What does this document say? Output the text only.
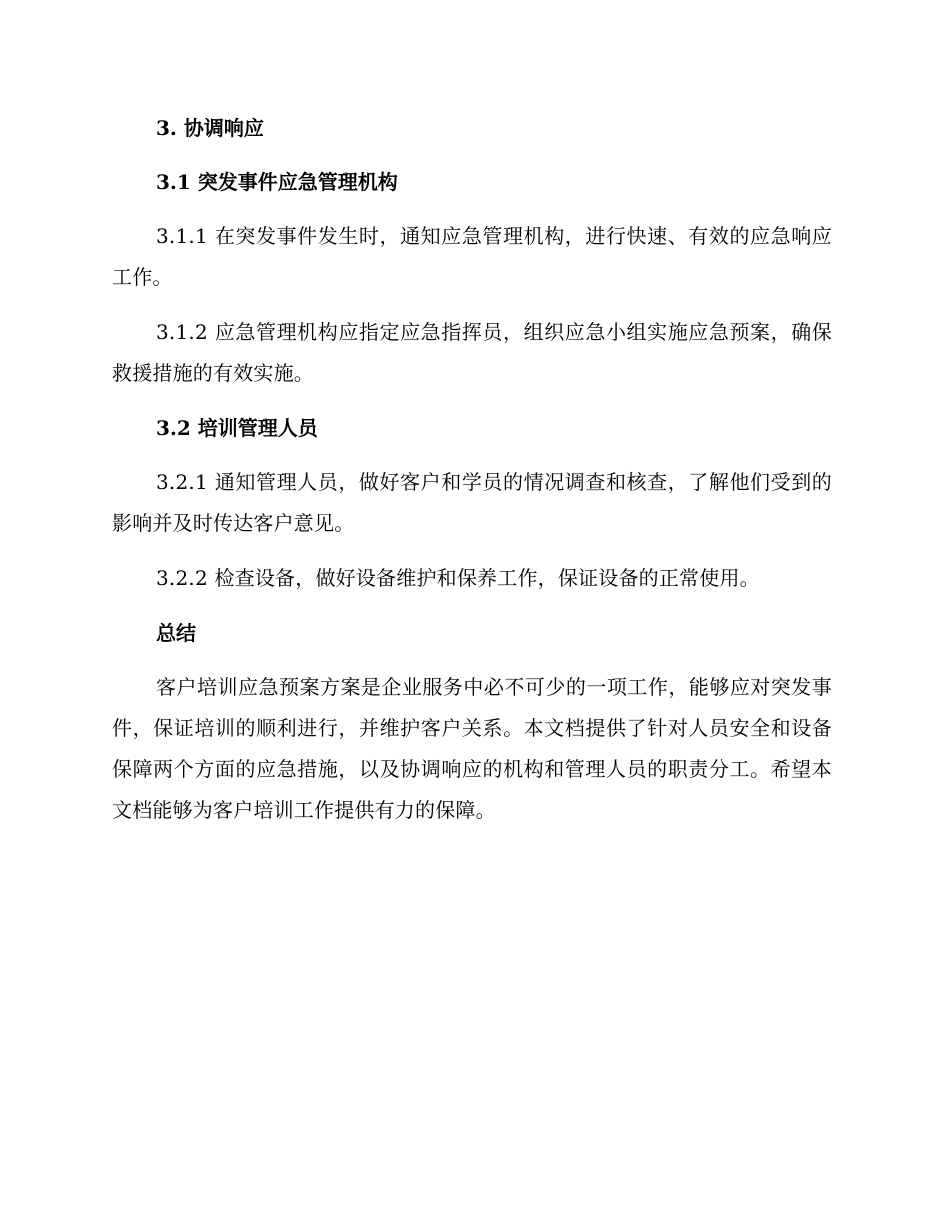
3. 协调响应
3.1 突发事件应急管理机构

3.1.1 在突发事件发生时，通知应急管理机构，进行快速、有效的应急响应工作。

3.1.2 应急管理机构应指定应急指挥员，组织应急小组实施应急预案，确保救援措施的有效实施。

3.2 培训管理人员

3.2.1 通知管理人员，做好客户和学员的情况调查和核查，了解他们受到的影响并及时传达客户意见。

3.2.2 检查设备，做好设备维护和保养工作，保证设备的正常使用。

总结

客户培训应急预案方案是企业服务中必不可少的一项工作，能够应对突发事件，保证培训的顺利进行，并维护客户关系。本文档提供了针对人员安全和设备保障两个方面的应急措施，以及协调响应的机构和管理人员的职责分工。希望本文档能够为客户培训工作提供有力的保障。
